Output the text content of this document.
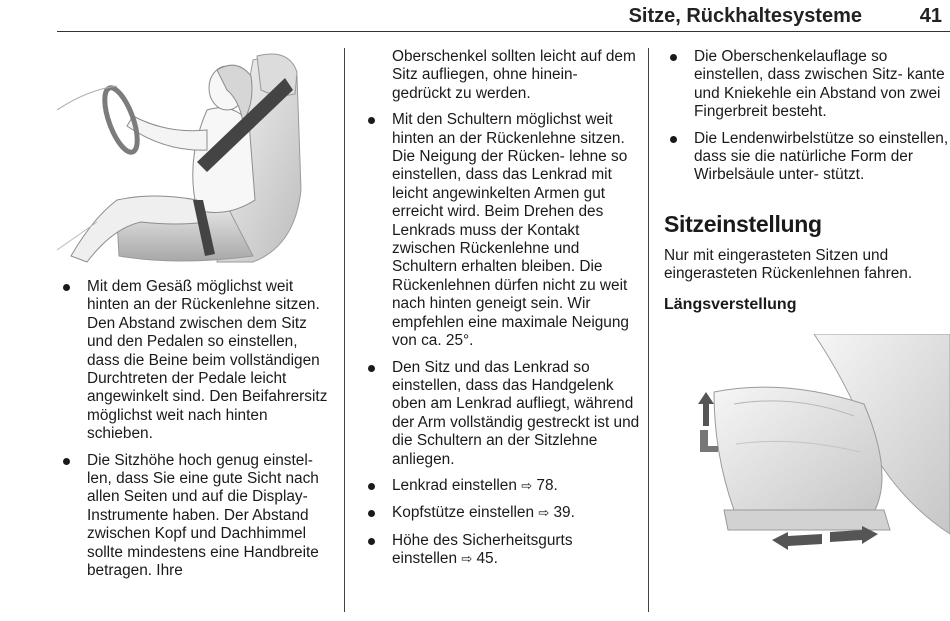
Sitze, Rückhaltesysteme	41
Mit dem Gesäß möglichst weit hinten an der Rückenlehne sitzen. Den Abstand zwischen dem Sitz und den Pedalen so einstellen, dass die Beine beim vollständigen Durchtreten der Pedale leicht angewinkelt sind. Den Beifahrersitz möglichst weit nach hinten schieben.
Die Sitzhöhe hoch genug einstel‐ len, dass Sie eine gute Sicht nach allen Seiten und auf die Display-Instrumente haben. Der Abstand zwischen Kopf und Dachhimmel sollte mindestens eine Handbreite betragen. Ihre
Oberschenkel sollten leicht auf dem Sitz aufliegen, ohne hinein‐ gedrückt zu werden.
Mit den Schultern möglichst weit hinten an der Rückenlehne sitzen. Die Neigung der Rücken‐ lehne so einstellen, dass das Lenkrad mit leicht angewinkelten Armen gut erreicht wird. Beim Drehen des Lenkrads muss der Kontakt zwischen Rückenlehne und Schultern erhalten bleiben. Die Rückenlehnen dürfen nicht zu weit nach hinten geneigt sein. Wir empfehlen eine maximale Neigung von ca. 25°.
Den Sitz und das Lenkrad so einstellen, dass das Handgelenk oben am Lenkrad aufliegt, während der Arm vollständig gestreckt ist und die Schultern an der Sitzlehne anliegen.
Lenkrad einstellen ⇨ 78.
Kopfstütze einstellen ⇨ 39.
Höhe des Sicherheitsgurts einstellen ⇨ 45.
Die Oberschenkelauflage so einstellen, dass zwischen Sitz‐ kante und Kniekehle ein Abstand von zwei Fingerbreit besteht.
Die Lendenwirbelstütze so einstellen, dass sie die natürliche Form der Wirbelsäule unter‐ stützt.
Sitzeinstellung

Nur mit eingerasteten Sitzen und eingerasteten Rückenlehnen fahren.

Längsverstellung
